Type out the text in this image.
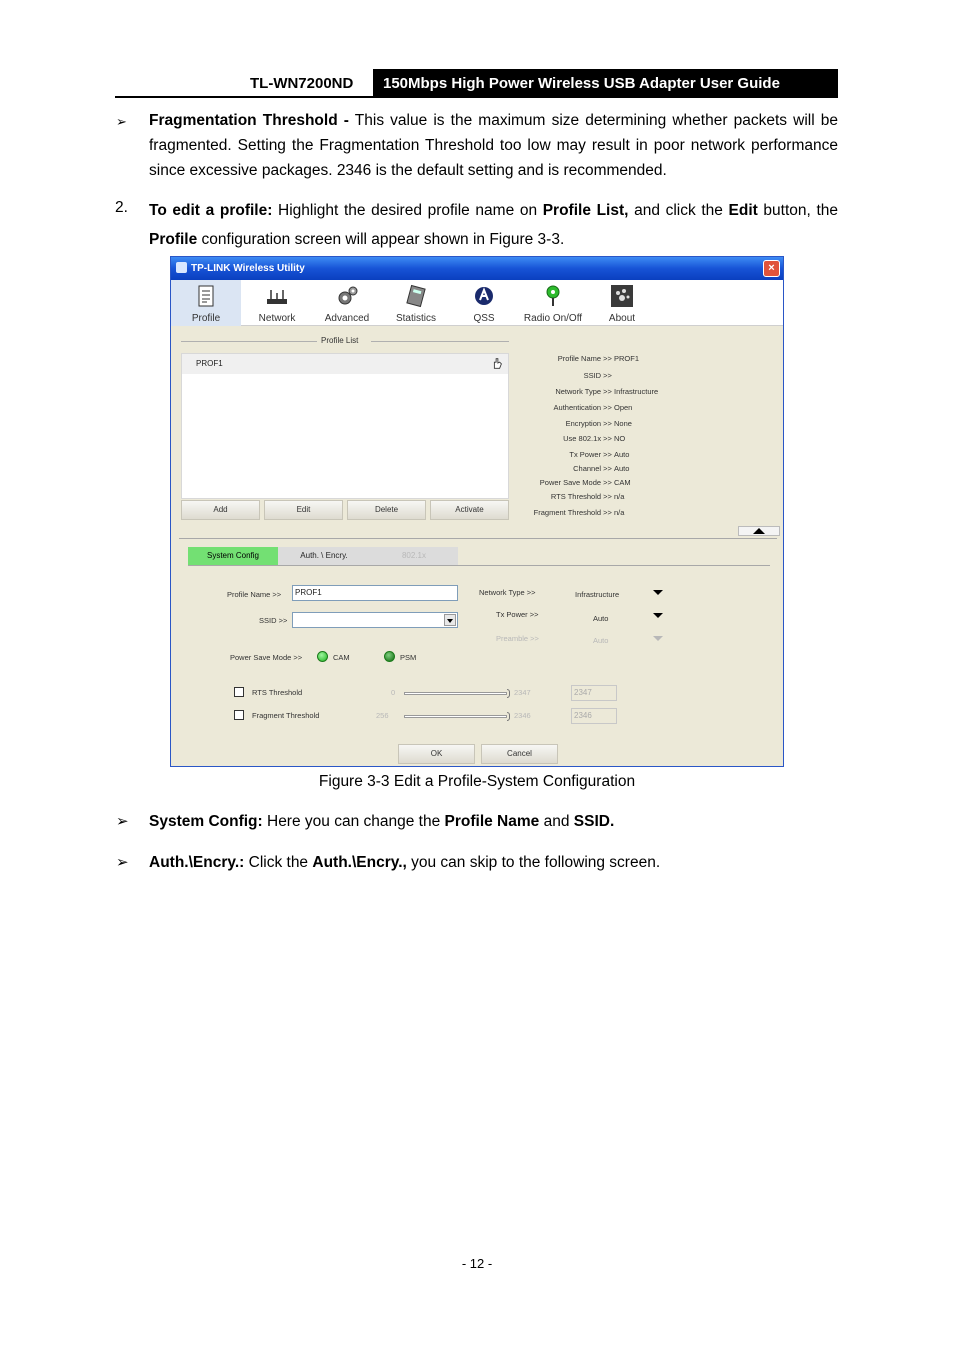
TL-WN7200ND	150Mbps High Power Wireless USB Adapter User Guide
➢ Fragmentation Threshold - This value is the maximum size determining whether packets will be fragmented. Setting the Fragmentation Threshold too low may result in poor network performance since excessive packages. 2346 is the default setting and is recommended.
2. To edit a profile: Highlight the desired profile name on Profile List, and click the Edit button, the Profile configuration screen will appear shown in Figure 3-3.
TP-LINK Wireless Utility	×
Profile	Network	Advanced	Statistics	QSS	Radio On/Off	About
Profile List
PROF1
Add	Edit	Delete	Activate
Profile Name >> PROF1
SSID >>
Network Type >> Infrastructure
Authentication >> Open
Encryption >> None
Use 802.1x >> NO
Tx Power >> Auto
Channel >> Auto
Power Save Mode >> CAM
RTS Threshold >> n/a
Fragment Threshold >> n/a
System Config	Auth. \ Encry.	802.1x
Profile Name >>	PROF1
SSID >>
Network Type >>	Infrastructure
Tx Power >>	Auto
Preamble >>	Auto
Power Save Mode >>	CAM	PSM
RTS Threshold	0	2347	2347
Fragment Threshold	256	2346	2346
OK	Cancel
Figure 3-3 Edit a Profile-System Configuration
➢ System Config: Here you can change the Profile Name and SSID.
➢ Auth.\Encry.: Click the Auth.\Encry., you can skip to the following screen.
- 12 -
